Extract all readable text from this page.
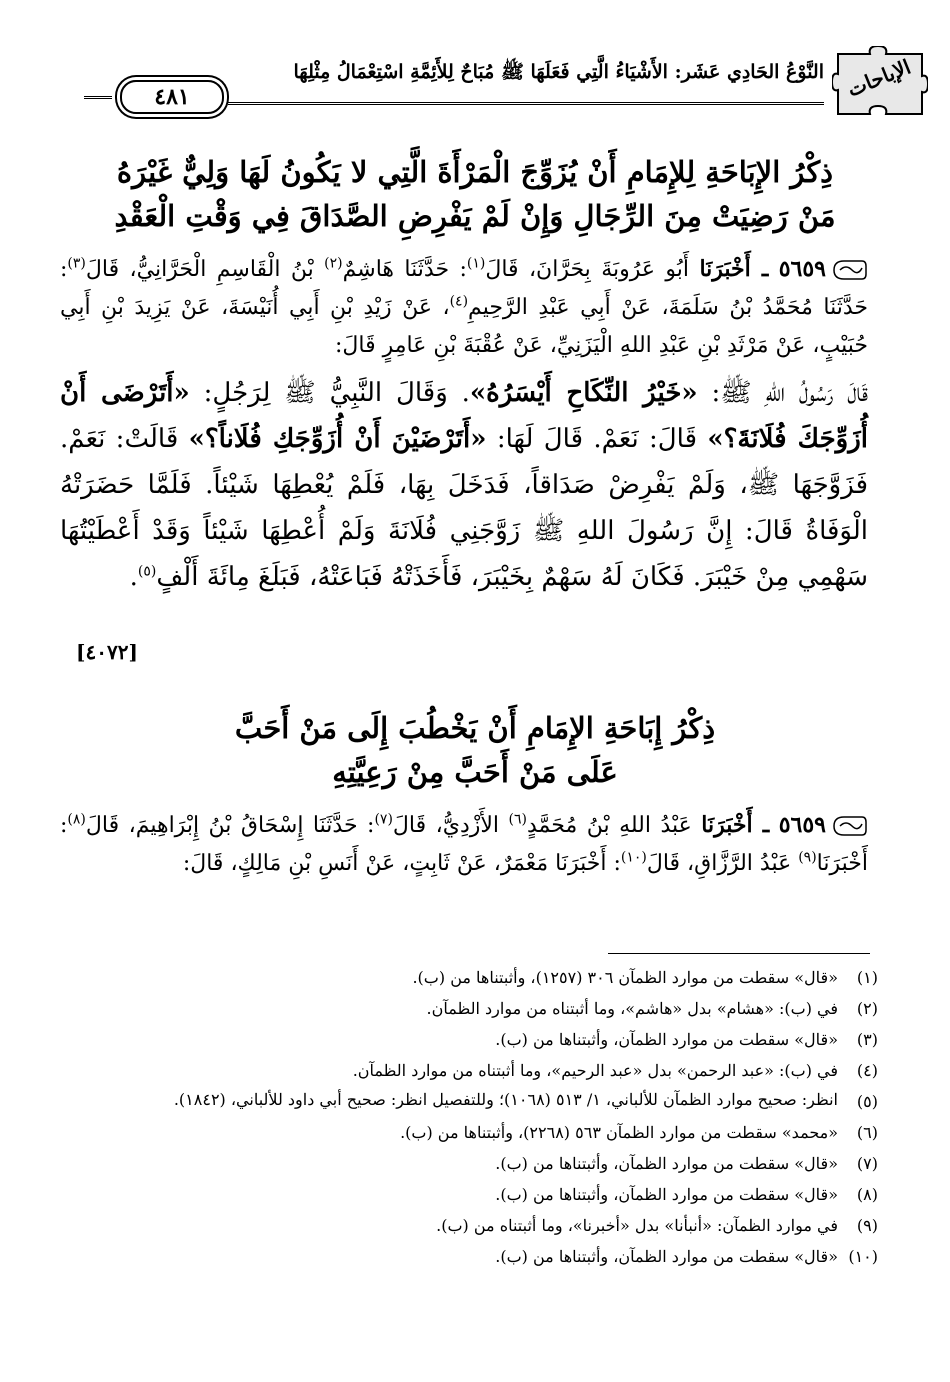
الإباحات
النَّوْعُ الحَادِي عَشَر: الأَشْيَاءُ الَّتِي فَعَلَهَا ﷺ مُبَاحٌ لِلأَئِمَّةِ اسْتِعْمَالُ مِثْلِهَا
٤٨١
ذِكْرُ الإِبَاحَةِ لِلإِمَامِ أَنْ يُزَوِّجَ الْمَرْأَةَ الَّتِي لا يَكُونُ لَهَا وَلِيٌّ غَيْرَهُ
مَنْ رَضِيَتْ مِنَ الرِّجَالِ وَإِنْ لَمْ يَفْرِضِ الصَّدَاقَ فِي وَقْتِ الْعَقْدِ
٥٦٥٩ ـ أَخْبَرَنَا أَبُو عَرُوبَةَ بِحَرَّانَ، قَالَ$^{(١)}$: حَدَّثَنَا هَاشِمٌ$^{(٢)}$ بْنُ الْقَاسِمِ الْحَرَّانِيُّ، قَالَ$^{(٣)}$: حَدَّثَنَا مُحَمَّدُ بْنُ سَلَمَةَ، عَنْ أَبِي عَبْدِ الرَّحِيمِ$^{(٤)}$، عَنْ زَيْدِ بْنِ أَبِي أُنَيْسَةَ، عَنْ يَزِيدَ بْنِ أَبِي حُبَيْبٍ، عَنْ مَرْثَدِ بْنِ عَبْدِ اللهِ الْيَزَنِيِّ، عَنْ عُقْبَةَ بْنِ عَامِرٍ قَالَ:
قَالَ رَسُولُ اللهِ ﷺ: «خَيْرُ النِّكَاحِ أَيْسَرُهُ». وَقَالَ النَّبِيُّ ﷺ لِرَجُلٍ: «أَتَرْضَى أَنْ أُزَوِّجَكَ فُلَانَةَ؟» قَالَ: نَعَمْ. قَالَ لَهَا: «أَتَرْضَيْنَ أَنْ أُزَوِّجَكِ فُلَاناً؟» قَالَتْ: نَعَمْ. فَزَوَّجَهَا ﷺ، وَلَمْ يَفْرِضْ صَدَاقاً، فَدَخَلَ بِهَا، فَلَمْ يُعْطِهَا شَيْئاً. فَلَمَّا حَضَرَتْهُ الْوَفَاةُ قَالَ: إِنَّ رَسُولَ اللهِ ﷺ زَوَّجَنِي فُلَانَةَ وَلَمْ أُعْطِهَا شَيْئاً وَقَدْ أَعْطَيْتُهَا سَهْمِي مِنْ خَيْبَرَ. فَكَانَ لَهُ سَهْمٌ بِخَيْبَرَ، فَأَخَذَتْهُ فَبَاعَتْهُ، فَبَلَغَ مِائَةَ أَلْفٍ$^{(٥)}$.
[٤٠٧٢]
ذِكْرُ إِبَاحَةِ الإِمَامِ أَنْ يَخْطُبَ إِلَى مَنْ أَحَبَّ
عَلَى مَنْ أَحَبَّ مِنْ رَعِيَّتِهِ
٥٦٥٩ ـ أَخْبَرَنَا عَبْدُ اللهِ بْنُ مُحَمَّدٍ$^{(٦)}$ الأَزْدِيُّ، قَالَ$^{(٧)}$: حَدَّثَنَا إِسْحَاقُ بْنُ إِبْرَاهِيمَ، قَالَ$^{(٨)}$: أَخْبَرَنَا$^{(٩)}$ عَبْدُ الرَّزَّاقِ، قَالَ$^{(١٠)}$: أَخْبَرَنَا مَعْمَرٌ، عَنْ ثَابِتٍ، عَنْ أَنَسِ بْنِ مَالِكٍ، قَالَ:
(١)
«قال» سقطت من موارد الظمآن ٣٠٦ (١٢٥٧)، وأثبتناها من (ب).
(٢)
في (ب): «هشام» بدل «هاشم»، وما أثبتناه من موارد الظمآن.
(٣)
«قال» سقطت من موارد الظمآن، وأثبتناها من (ب).
(٤)
في (ب): «عبد الرحمن» بدل «عبد الرحيم»، وما أثبتناه من موارد الظمآن.
(٥)
انظر: صحيح موارد الظمآن للألباني، ١/ ٥١٣ (١٠٦٨)؛ وللتفصيل انظر: صحيح أبي داود للألباني، (١٨٤٢).
(٦)
«محمد» سقطت من موارد الظمآن ٥٦٣ (٢٢٦٨)، وأثبتناها من (ب).
(٧)
«قال» سقطت من موارد الظمآن، وأثبتناها من (ب).
(٨)
«قال» سقطت من موارد الظمآن، وأثبتناها من (ب).
(٩)
في موارد الظمآن: «أنبأنا» بدل «أخبرنا»، وما أثبتناه من (ب).
(١٠)
«قال» سقطت من موارد الظمآن، وأثبتناها من (ب).
